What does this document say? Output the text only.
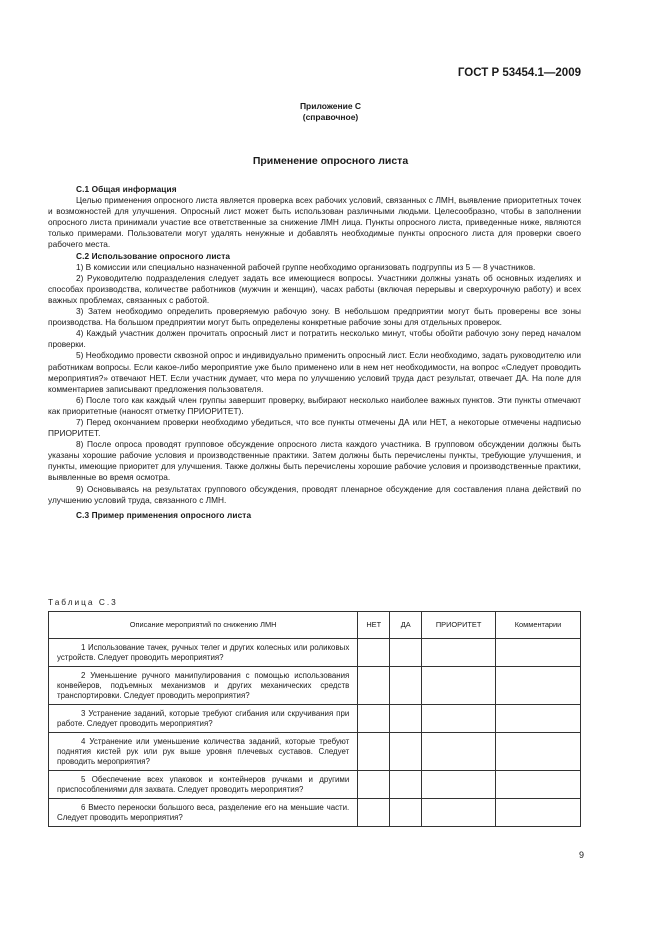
ГОСТ Р 53454.1—2009
Приложение С
(справочное)
Применение опросного листа
С.1 Общая информация

Целью применения опросного листа является проверка всех рабочих условий, связанных с ЛМН, выявление приоритетных точек и возможностей для улучшения. Опросный лист может быть использован различными людьми. Целесообразно, чтобы в заполнении опросного листа принимали участие все ответственные за снижение ЛМН лица. Пункты опросного листа, приведенные ниже, являются только примерами. Пользователи могут удалять ненужные и добавлять необходимые пункты опросного листа для проверки своего рабочего места.

С.2 Использование опросного листа

1) В комиссии или специально назначенной рабочей группе необходимо организовать подгруппы из 5 — 8 участников.

2) Руководителю подразделения следует задать все имеющиеся вопросы. Участники должны узнать об основных изделиях и способах производства, количестве работников (мужчин и женщин), часах работы (включая перерывы и сверхурочную работу) и всех важных проблемах, связанных с работой.

3) Затем необходимо определить проверяемую рабочую зону. В небольшом предприятии могут быть проверены все зоны производства. На большом предприятии могут быть определены конкретные рабочие зоны для отдельных проверок.

4) Каждый участник должен прочитать опросный лист и потратить несколько минут, чтобы обойти рабочую зону перед началом проверки.

5) Необходимо провести сквозной опрос и индивидуально применить опросный лист. Если необходимо, задать руководителю или работникам вопросы. Если какое-либо мероприятие уже было применено или в нем нет необходимости, на вопрос «Следует проводить мероприятия?» отвечают НЕТ. Если участник думает, что мера по улучшению условий труда даст результат, отвечает ДА. На поле для комментариев записывают предложения пользователя.

6) После того как каждый член группы завершит проверку, выбирают несколько наиболее важных пунктов. Эти пункты отмечают как приоритетные (наносят отметку ПРИОРИТЕТ).

7) Перед окончанием проверки необходимо убедиться, что все пункты отмечены ДА или НЕТ, а некоторые отмечены надписью ПРИОРИТЕТ.

8) После опроса проводят групповое обсуждение опросного листа каждого участника. В групповом обсуждении должны быть указаны хорошие рабочие условия и производственные практики. Затем должны быть перечислены пункты, требующие улучшения, и пункты, имеющие приоритет для улучшения. Также должны быть перечислены хорошие рабочие условия и производственные практики, выявленные во время осмотра.

9) Основываясь на результатах группового обсуждения, проводят пленарное обсуждение для составления плана действий по улучшению условий труда, связанного с ЛМН.

С.3 Пример применения опросного листа
Таблица С.3
Описание мероприятий по снижению ЛМН	НЕТ	ДА	ПРИОРИТЕТ	Комментарии

1 Использование тачек, ручных телег и других колесных или роликовых устройств. Следует проводить мероприятия?				

2 Уменьшение ручного манипулирования с помощью использования конвейеров, подъемных механизмов и других механических средств транспортировки. Следует проводить мероприятия?				

3 Устранение заданий, которые требуют сгибания или скручивания при работе. Следует проводить мероприятия?				

4 Устранение или уменьшение количества заданий, которые требуют поднятия кистей рук или рук выше уровня плечевых суставов. Следует проводить мероприятия?				

5 Обеспечение всех упаковок и контейнеров ручками и другими приспособлениями для захвата. Следует проводить мероприятия?				

6 Вместо переноски большого веса, разделение его на меньшие части. Следует проводить мероприятия?				

9
